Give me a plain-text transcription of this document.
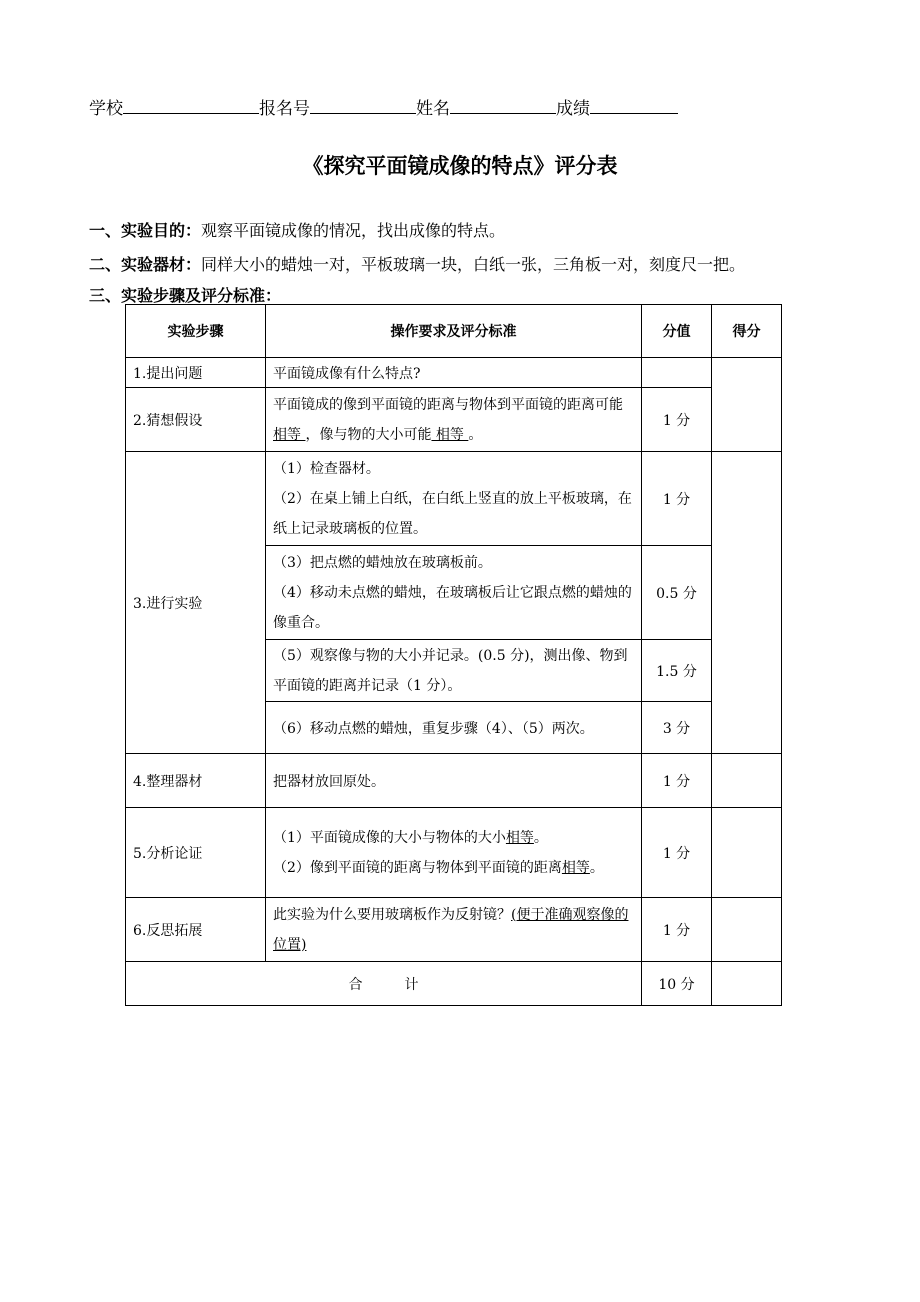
学校	报名号	姓名	成绩
《探究平面镜成像的特点》评分表
一、实验目的：观察平面镜成像的情况，找出成像的特点。
二、实验器材：同样大小的蜡烛一对，平板玻璃一块，白纸一张，三角板一对，刻度尺一把。
三、实验步骤及评分标准：
实验步骤	操作要求及评分标准	分值	得分
1.提出问题	平面镜成像有什么特点?		
2.猜想假设	平面镜成的像到平面镜的距离与物体到平面镜的距离可能 相等 ，像与物的大小可能 相等 。	1 分	
3.进行实验	（1）检查器材。
（2）在桌上铺上白纸，在白纸上竖直的放上平板玻璃，在纸上记录玻璃板的位置。	1 分	

	（3）把点燃的蜡烛放在玻璃板前。
（4）移动未点燃的蜡烛，在玻璃板后让它跟点燃的蜡烛的像重合。	0.5 分	
	（5）观察像与物的大小并记录。(0.5 分)，测出像、物到平面镜的距离并记录（1 分）。	1.5 分	
	（6）移动点燃的蜡烛，重复步骤（4）、（5）两次。	3 分	
4.整理器材	把器材放回原处。	1 分	
5.分析论证	（1）平面镜成像的大小与物体的大小相等。
（2）像到平面镜的距离与物体到平面镜的距离相等。	1 分	
6.反思拓展	此实验为什么要用玻璃板作为反射镜？(便于准确观察像的位置)	1 分	
合　　　计		10 分	
